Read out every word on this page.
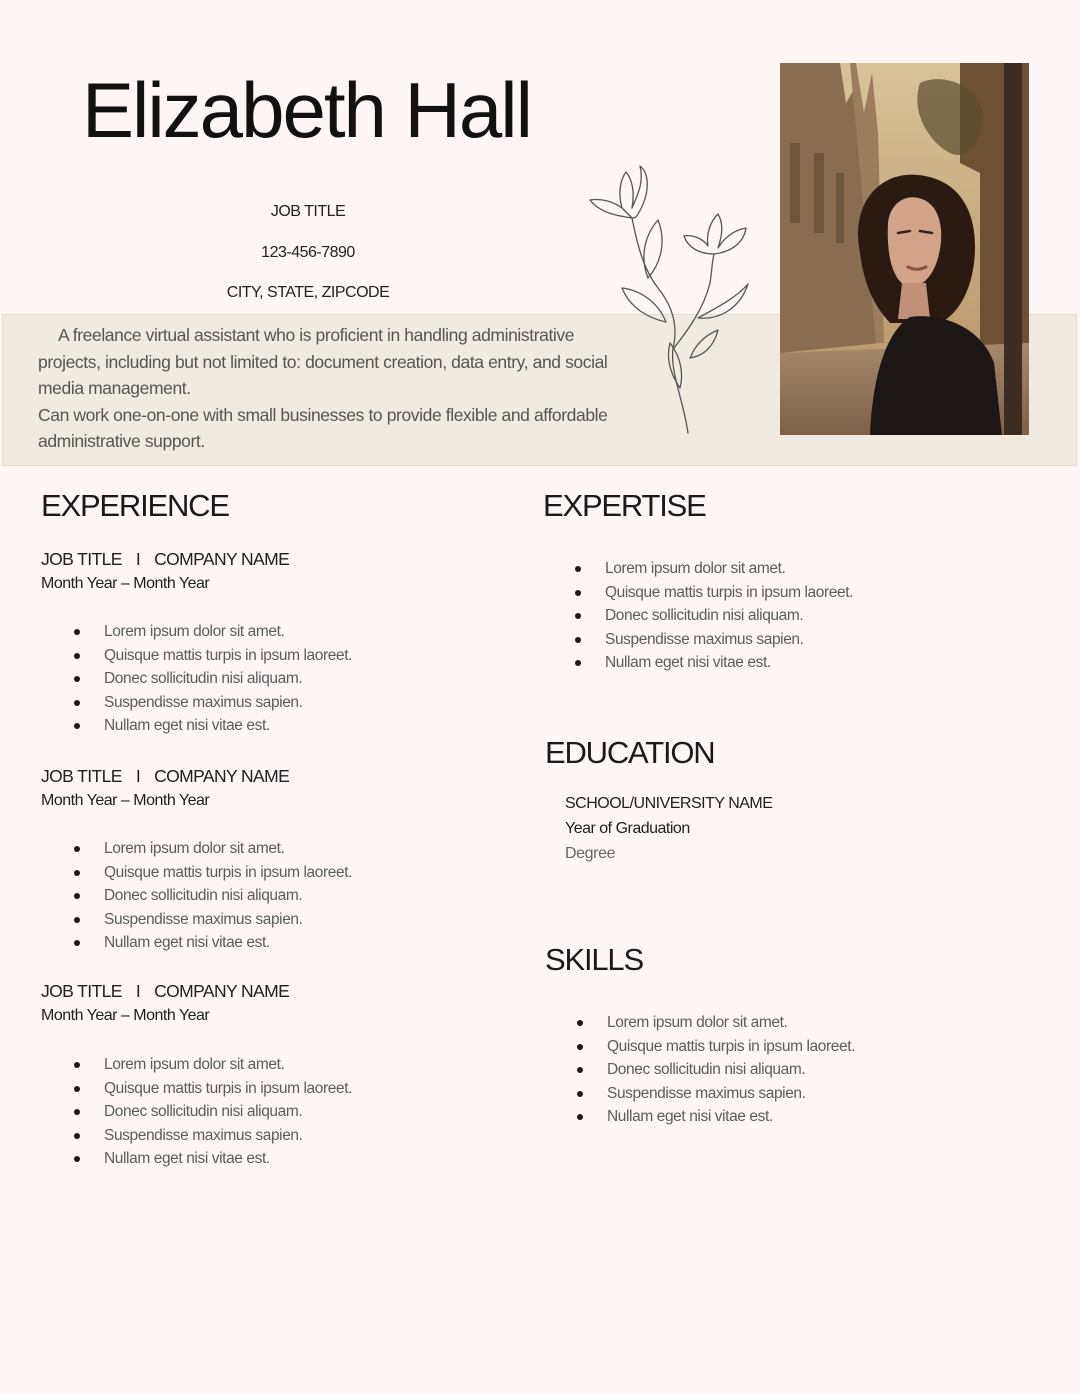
Elizabeth Hall
JOB TITLE
123-456-7890
CITY, STATE, ZIPCODE

A freelance virtual assistant who is proficient in handling administrative projects, including but not limited to: document creation, data entry, and social media management.

Can work one-on-one with small businesses to provide flexible and affordable administrative support.

EXPERIENCE
JOB TITLE I COMPANY NAME
Month Year – Month Year
Lorem ipsum dolor sit amet.
Quisque mattis turpis in ipsum laoreet.
Donec sollicitudin nisi aliquam.
Suspendisse maximus sapien.
Nullam eget nisi vitae est.
JOB TITLE I COMPANY NAME
Month Year – Month Year
Lorem ipsum dolor sit amet.
Quisque mattis turpis in ipsum laoreet.
Donec sollicitudin nisi aliquam.
Suspendisse maximus sapien.
Nullam eget nisi vitae est.
JOB TITLE I COMPANY NAME
Month Year – Month Year
Lorem ipsum dolor sit amet.
Quisque mattis turpis in ipsum laoreet.
Donec sollicitudin nisi aliquam.
Suspendisse maximus sapien.
Nullam eget nisi vitae est.
EXPERTISE
Lorem ipsum dolor sit amet.
Quisque mattis turpis in ipsum laoreet.
Donec sollicitudin nisi aliquam.
Suspendisse maximus sapien.
Nullam eget nisi vitae est.
EDUCATION
SCHOOL/UNIVERSITY NAME
Year of Graduation
Degree
SKILLS
Lorem ipsum dolor sit amet.
Quisque mattis turpis in ipsum laoreet.
Donec sollicitudin nisi aliquam.
Suspendisse maximus sapien.
Nullam eget nisi vitae est.
